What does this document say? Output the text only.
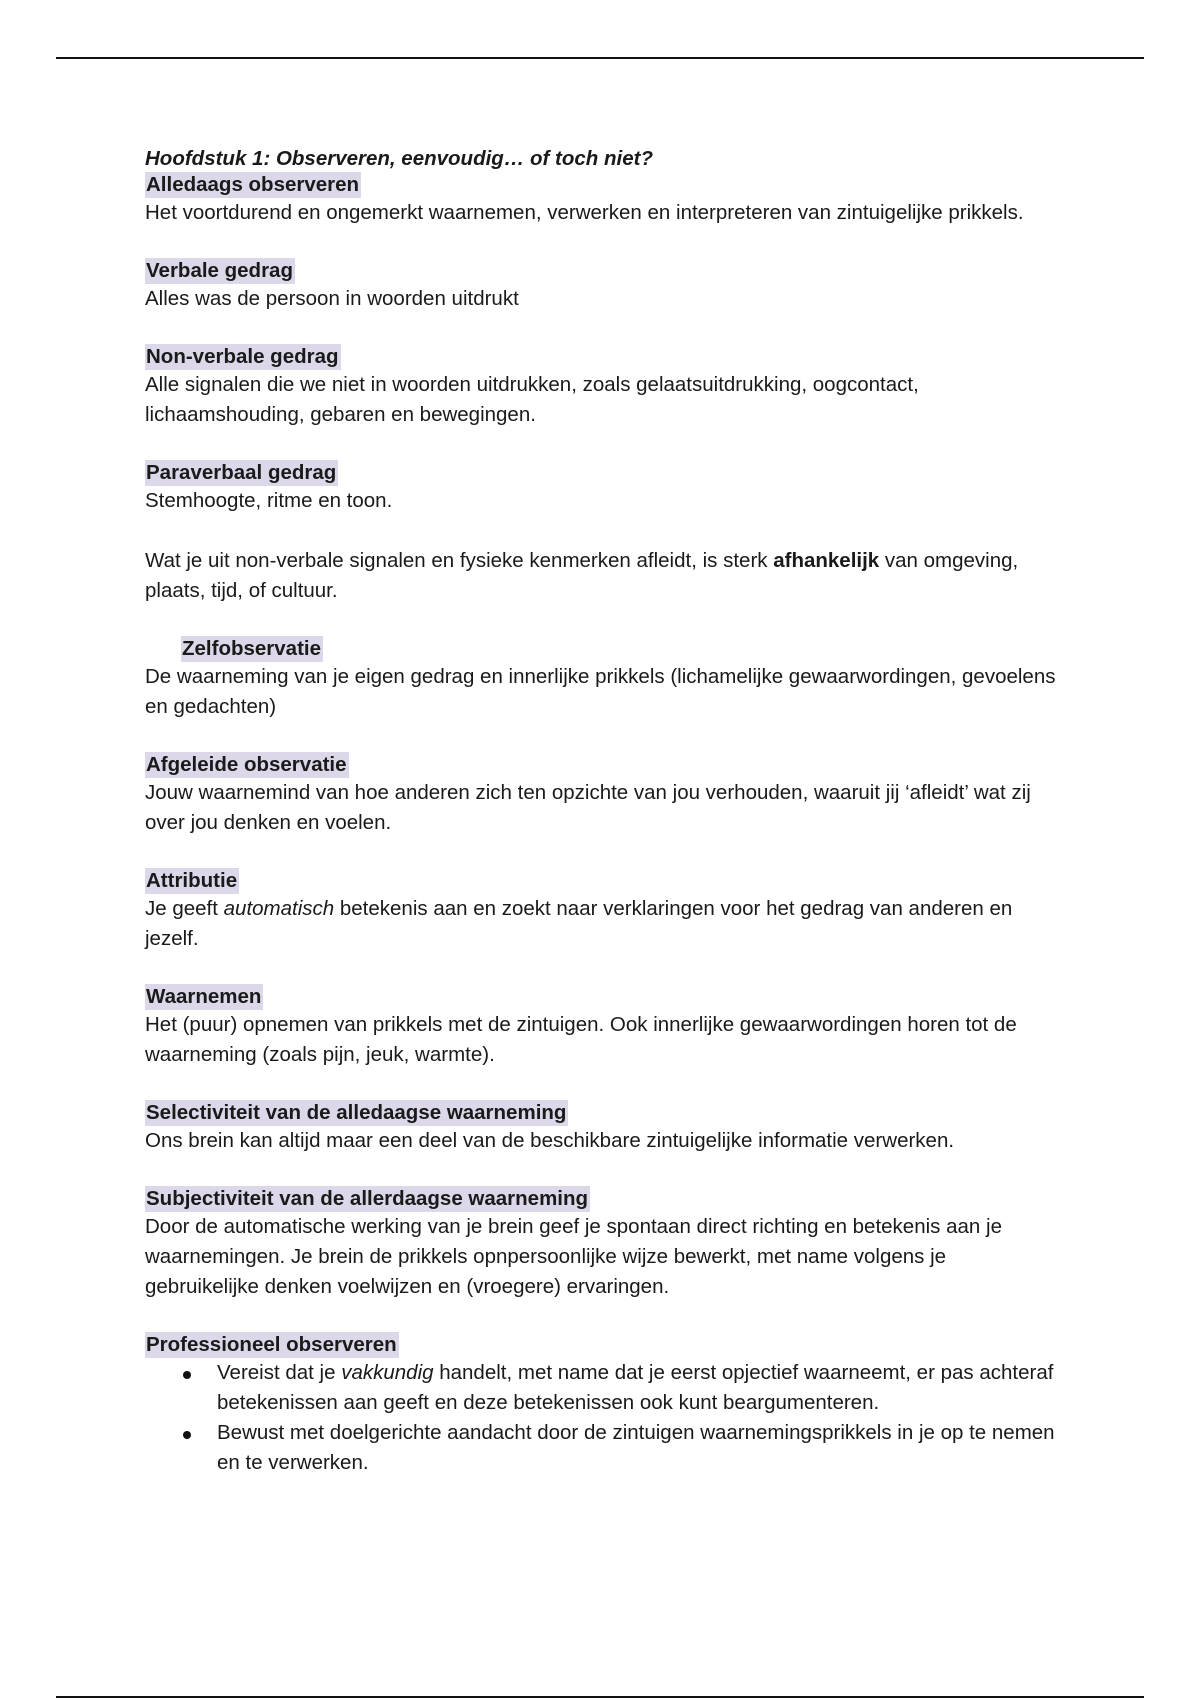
Hoofdstuk 1: Observeren, eenvoudig… of toch niet?

Alledaags observeren

Het voortdurend en ongemerkt waarnemen, verwerken en interpreteren van zintuigelijke prikkels.

Verbale gedrag

Alles was de persoon in woorden uitdrukt

Non-verbale gedrag

Alle signalen die we niet in woorden uitdrukken, zoals gelaatsuitdrukking, oogcontact, lichaamshouding, gebaren en bewegingen.

Paraverbaal gedrag

Stemhoogte, ritme en toon.

Wat je uit non-verbale signalen en fysieke kenmerken afleidt, is sterk afhankelijk van omgeving, plaats, tijd, of cultuur.

Zelfobservatie

De waarneming van je eigen gedrag en innerlijke prikkels (lichamelijke gewaarwordingen, gevoelens en gedachten)

Afgeleide observatie

Jouw waarnemind van hoe anderen zich ten opzichte van jou verhouden, waaruit jij ‘afleidt’ wat zij over jou denken en voelen.

Attributie

Je geeft automatisch betekenis aan en zoekt naar verklaringen voor het gedrag van anderen en jezelf.

Waarnemen

Het (puur) opnemen van prikkels met de zintuigen. Ook innerlijke gewaarwordingen horen tot de waarneming (zoals pijn, jeuk, warmte).

Selectiviteit van de alledaagse waarneming

Ons brein kan altijd maar een deel van de beschikbare zintuigelijke informatie verwerken.

Subjectiviteit van de allerdaagse waarneming

Door de automatische werking van je brein geef je spontaan direct richting en betekenis aan je waarnemingen. Je brein de prikkels opnpersoonlijke wijze bewerkt, met name volgens je gebruikelijke denken voelwijzen en (vroegere) ervaringen.

Professioneel observeren
Vereist dat je vakkundig handelt, met name dat je eerst opjectief waarneemt, er pas achteraf betekenissen aan geeft en deze betekenissen ook kunt beargumenteren.
Bewust met doelgerichte aandacht door de zintuigen waarnemingsprikkels in je op te nemen en te verwerken.
